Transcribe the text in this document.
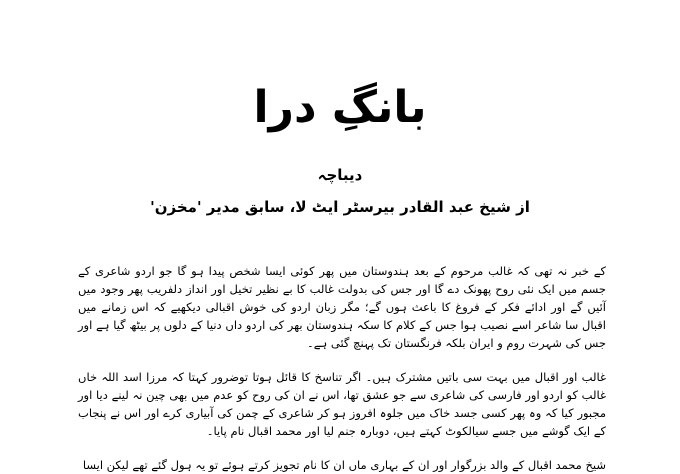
بانگِ درا
دیباچہ
از شیخ عبد القادر بیرسٹر ایٹ لا، سابق مدیر 'مخزن'

کے خبر نہ تھی کہ غالب مرحوم کے بعد ہندوستان میں پھر کوئی ایسا شخص پیدا ہو گا جو اردو شاعری کے جسم میں ایک نئی روح پھونک دے گا اور جس کی بدولت غالب کا بے نظیر تخیل اور انداز دلفریب پھر وجود میں آئیں گے اور ادائے فکر کے فروغ کا باعث ہوں گے؛ مگر زبان اردو کی خوش اقبالی دیکھیے کہ اس زمانے میں اقبال سا شاعر اسے نصیب ہوا جس کے کلام کا سکہ ہندوستان بھر کی اردو داں دنیا کے دلوں پر بیٹھ گیا ہے اور جس کی شہرت روم و ایران بلکہ فرنگستان تک پہنچ گئی ہے۔

غالب اور اقبال میں بہت سی باتیں مشترک ہیں۔ اگر تناسخ کا قائل ہوتا توضرور کہتا کہ مرزا اسد اللہ خاں غالب کو اردو اور فارسی کی شاعری سے جو عشق تھا، اس نے ان کی روح کو عدم میں بھی چین نہ لینے دیا اور مجبور کیا کہ وہ پھر کسی جسد خاک میں جلوہ افروز ہو کر شاعری کے چمن کی آبیاری کرے اور اس نے پنجاب کے ایک گوشے میں جسے سیالکوٹ کہتے ہیں، دوبارہ جنم لیا اور محمد اقبال نام پایا۔

شیخ محمد اقبال کے والد بزرگوار اور ان کے بہاری ماں ان کا نام تجویز کرتے ہوئے تو یہ ہول گئے تھے لیکن ایسا
